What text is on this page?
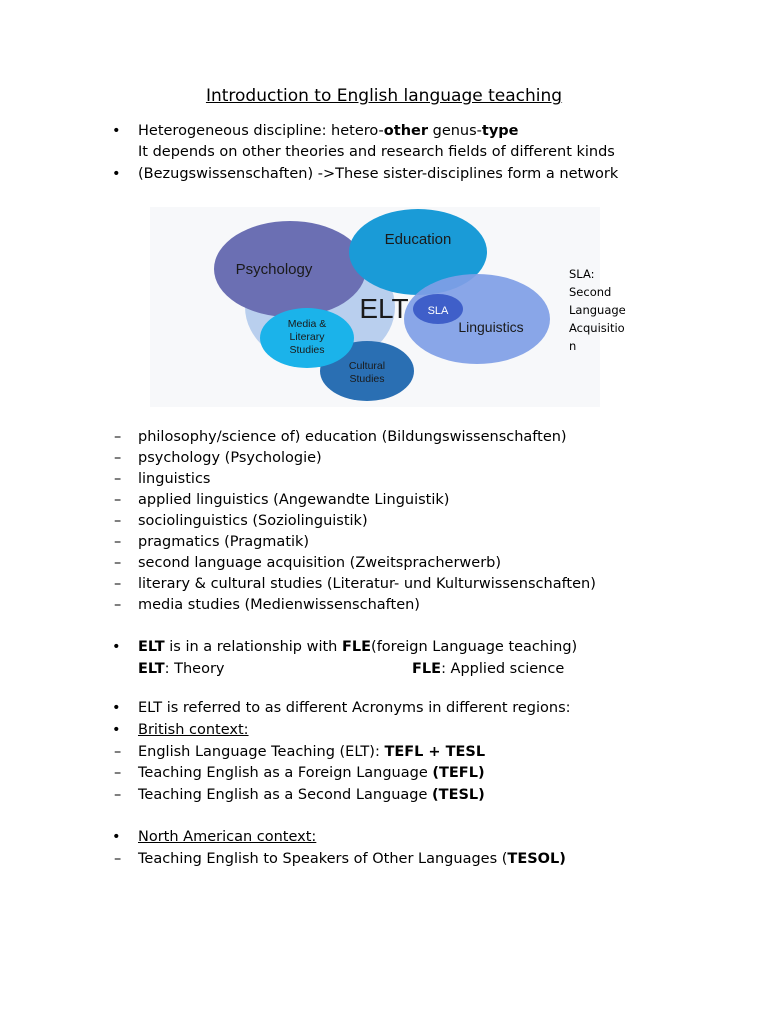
Introduction to English language teaching
• Heterogeneous discipline: hetero-other genus-type
It depends on other theories and research fields of different kinds
• (Bezugswissenschaften) ->These sister-disciplines form a network
Psychology
Education
ELT SLA
Linguistics
Media &
Literary
Studies
Cultural
Studies
SLA:
Second
Language
Acquisitio
n
– philosophy/science of) education (Bildungswissenschaften)
– psychology (Psychologie)
– linguistics
– applied linguistics (Angewandte Linguistik)
– sociolinguistics (Soziolinguistik)
– pragmatics (Pragmatik)
– second language acquisition (Zweitspracherwerb)
– literary & cultural studies (Literatur- und Kulturwissenschaften)
– media studies (Medienwissenschaften)
• ELT is in a relationship with FLE(foreign Language teaching)
ELT: Theory	FLE: Applied science
• ELT is referred to as different Acronyms in different regions:
• British context:
– English Language Teaching (ELT): TEFL + TESL
– Teaching English as a Foreign Language (TEFL)
– Teaching English as a Second Language (TESL)
• North American context:
– Teaching English to Speakers of Other Languages (TESOL)
